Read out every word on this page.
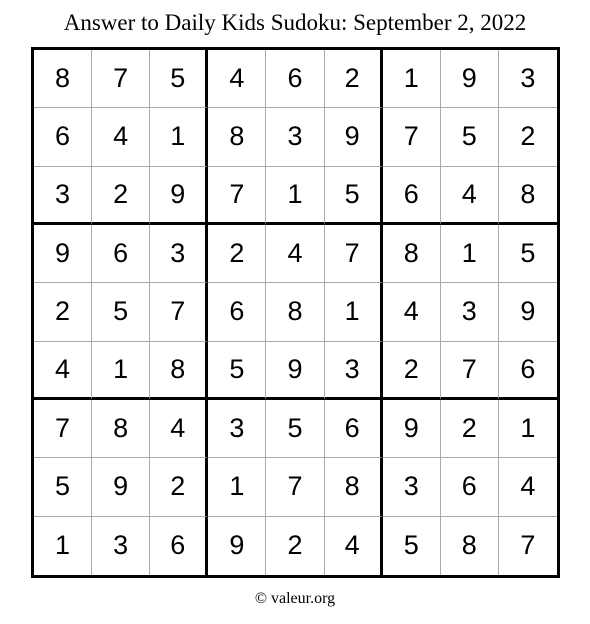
Answer to Daily Kids Sudoku: September 2, 2022
8	7	5	4	6	2	1	9	3
6	4	1	8	3	9	7	5	2
3	2	9	7	1	5	6	4	8
9	6	3	2	4	7	8	1	5
2	5	7	6	8	1	4	3	9
4	1	8	5	9	3	2	7	6
7	8	4	3	5	6	9	2	1
5	9	2	1	7	8	3	6	4
1	3	6	9	2	4	5	8	7
© valeur.org
